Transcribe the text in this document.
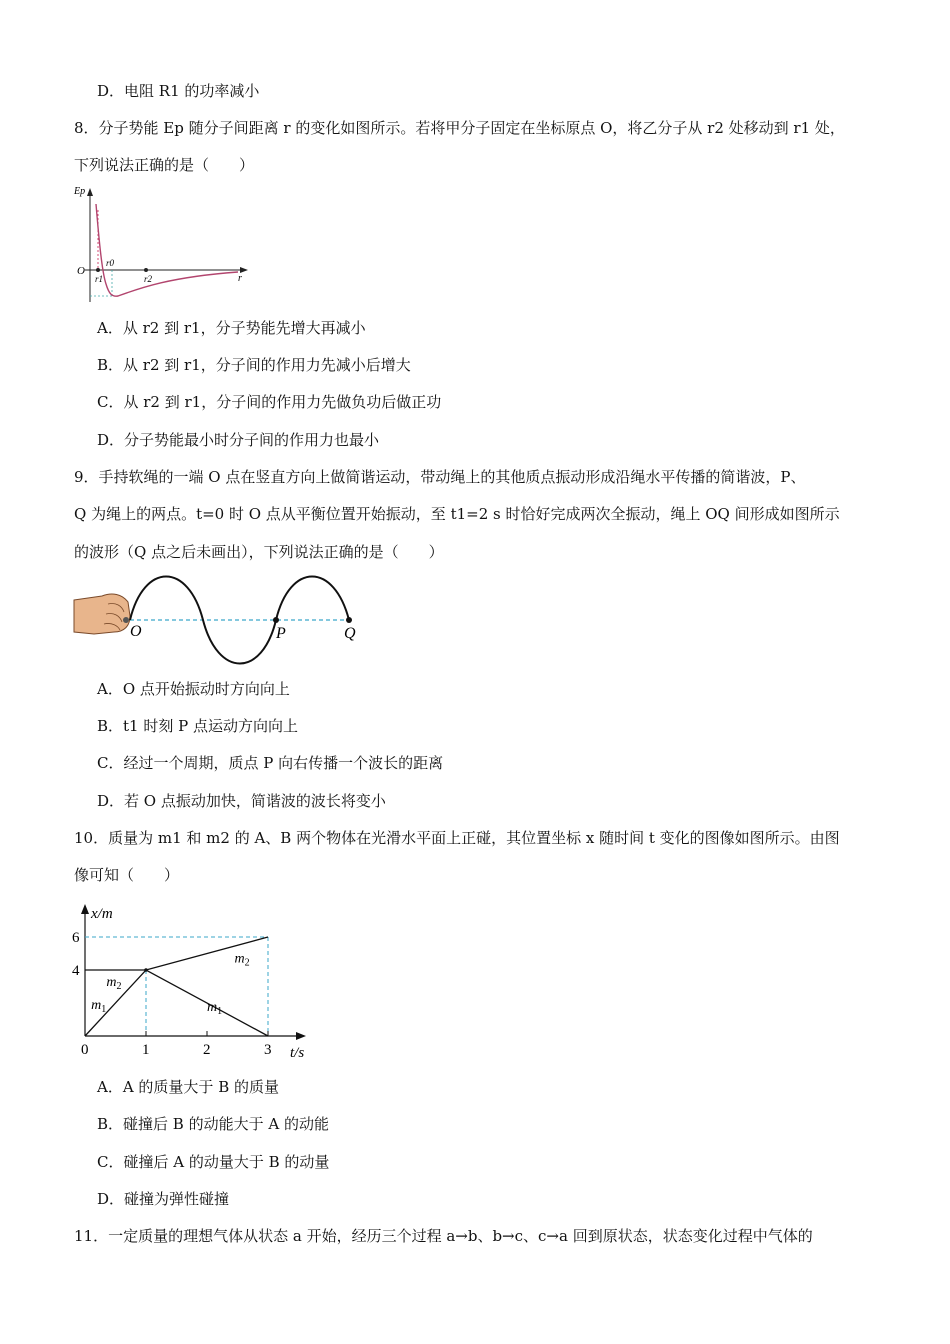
D．电阻 R1 的功率减小
8．分子势能 Ep 随分子间距离 r 的变化如图所示。若将甲分子固定在坐标原点 O，将乙分子从 r2 处移动到 r1 处，
下列说法正确的是（　　）
Ep
O
r0
r1	r2	r
A．从 r2 到 r1，分子势能先增大再减小
B．从 r2 到 r1，分子间的作用力先减小后增大
C．从 r2 到 r1，分子间的作用力先做负功后做正功
D．分子势能最小时分子间的作用力也最小
9．手持软绳的一端 O 点在竖直方向上做简谐运动，带动绳上的其他质点振动形成沿绳水平传播的简谐波，P、
Q 为绳上的两点。t=0 时 O 点从平衡位置开始振动，至 t1=2 s 时恰好完成两次全振动，绳上 OQ 间形成如图所示
的波形（Q 点之后未画出），下列说法正确的是（　　）
O	P	Q
A．O 点开始振动时方向向上
B．t1 时刻 P 点运动方向向上
C．经过一个周期，质点 P 向右传播一个波长的距离
D．若 O 点振动加快，简谐波的波长将变小
10．质量为 m1 和 m2 的 A、B 两个物体在光滑水平面上正碰，其位置坐标 x 随时间 t 变化的图像如图所示。由图
像可知（　　）
x/m
t/s
$m_2$
$m_1$
$m_2$
$m_1$
0	1	2	3
4
6
A．A 的质量大于 B 的质量
B．碰撞后 B 的动能大于 A 的动能
C．碰撞后 A 的动量大于 B 的动量
D．碰撞为弹性碰撞
11．一定质量的理想气体从状态 a 开始，经历三个过程 a→b、b→c、c→a 回到原状态，状态变化过程中气体的
